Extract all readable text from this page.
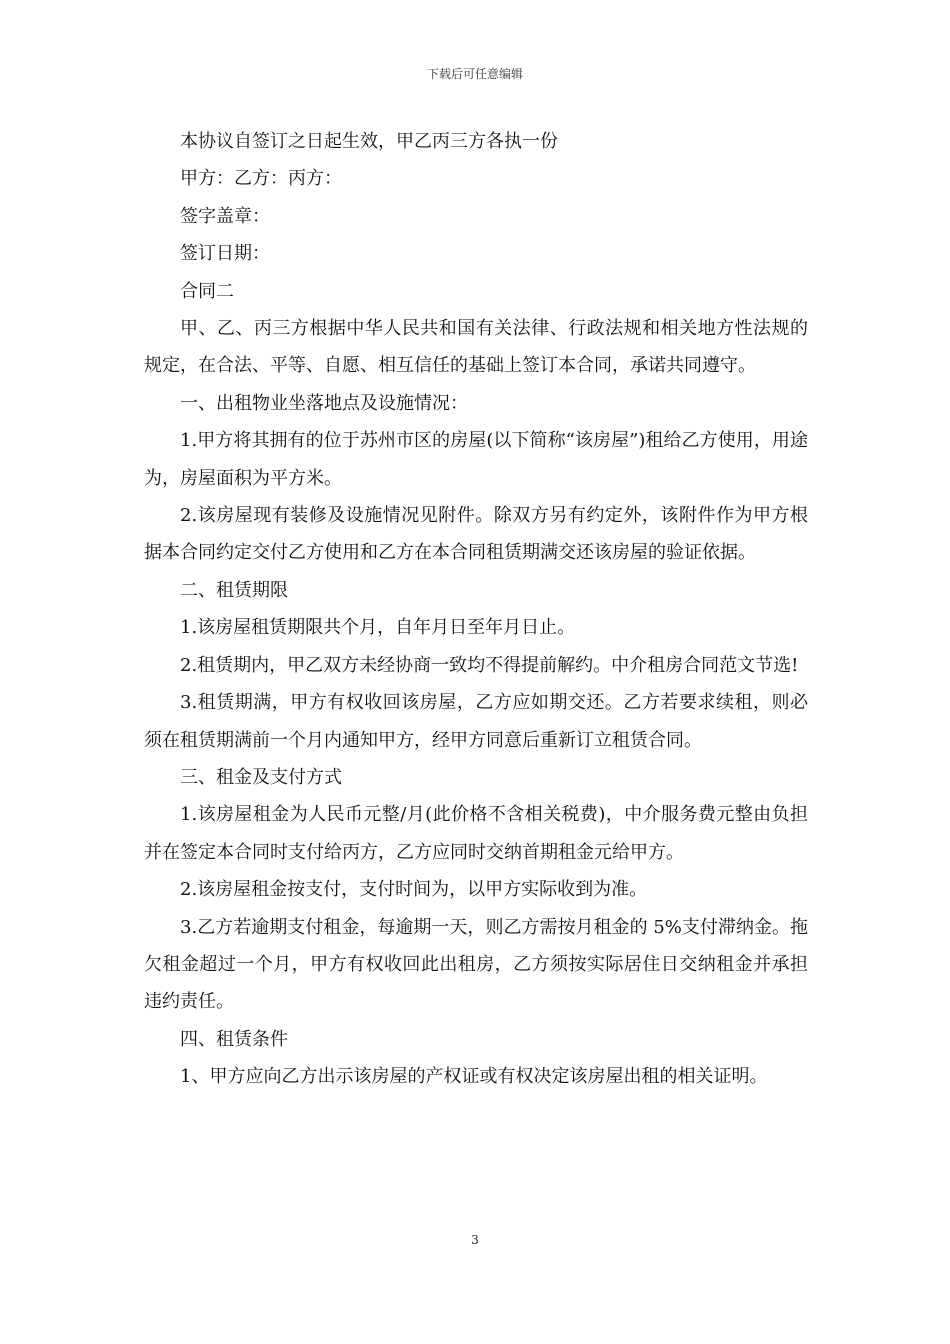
下载后可任意编辑

本协议自签订之日起生效，甲乙丙三方各执一份

甲方：乙方：丙方：

签字盖章：

签订日期：

合同二

甲、乙、丙三方根据中华人民共和国有关法律、行政法规和相关地方性法规的规定，在合法、平等、自愿、相互信任的基础上签订本合同，承诺共同遵守。

一、出租物业坐落地点及设施情况：

1.甲方将其拥有的位于苏州市区的房屋(以下简称“该房屋”)租给乙方使用，用途为，房屋面积为平方米。

2.该房屋现有装修及设施情况见附件。除双方另有约定外，该附件作为甲方根据本合同约定交付乙方使用和乙方在本合同租赁期满交还该房屋的验证依据。

二、租赁期限

1.该房屋租赁期限共个月，自年月日至年月日止。

2.租赁期内，甲乙双方未经协商一致均不得提前解约。中介租房合同范文节选!

3.租赁期满，甲方有权收回该房屋，乙方应如期交还。乙方若要求续租，则必须在租赁期满前一个月内通知甲方，经甲方同意后重新订立租赁合同。

三、租金及支付方式

1.该房屋租金为人民币元整/月(此价格不含相关税费)，中介服务费元整由负担并在签定本合同时支付给丙方，乙方应同时交纳首期租金元给甲方。

2.该房屋租金按支付，支付时间为，以甲方实际收到为准。

3.乙方若逾期支付租金，每逾期一天，则乙方需按月租金的 5%支付滞纳金。拖欠租金超过一个月，甲方有权收回此出租房，乙方须按实际居住日交纳租金并承担违约责任。

四、租赁条件

1、甲方应向乙方出示该房屋的产权证或有权决定该房屋出租的相关证明。

3
